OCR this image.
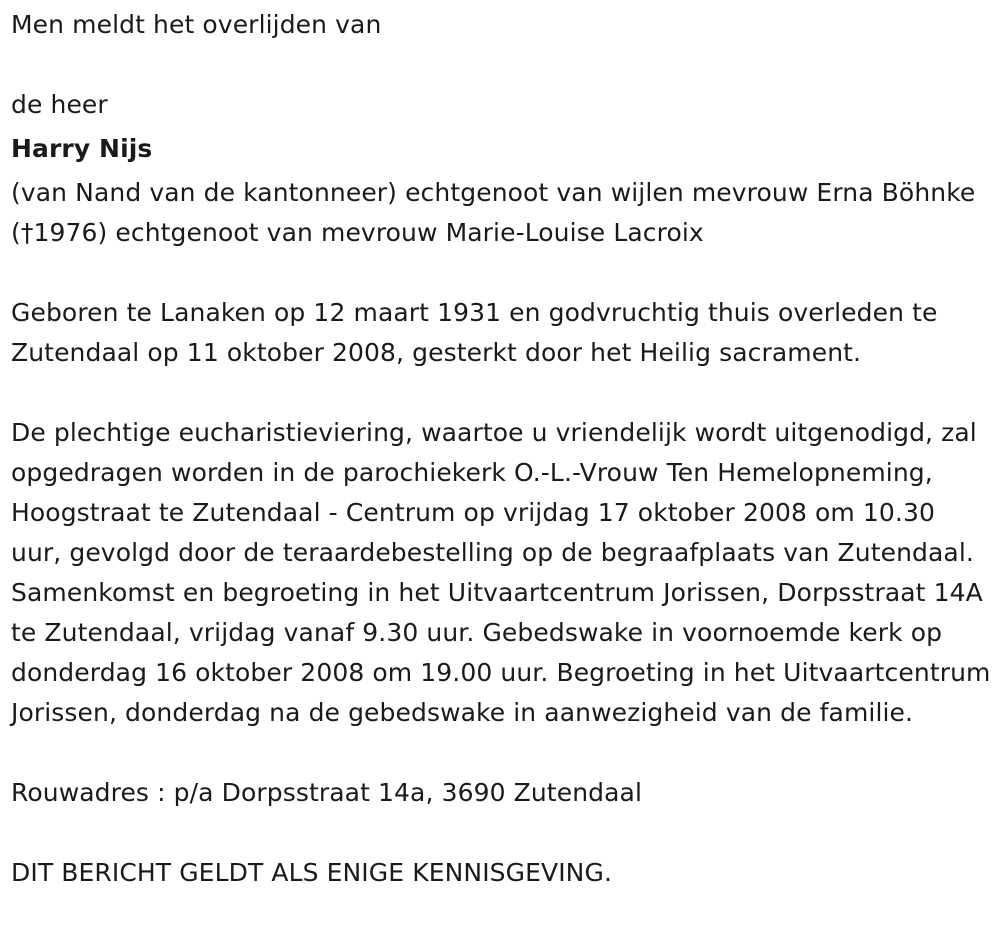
Men meldt het overlijden van

de heer

Harry Nijs

(van Nand van de kantonneer) echtgenoot van wijlen mevrouw Erna Böhnke (†1976) echtgenoot van mevrouw Marie-Louise Lacroix

Geboren te Lanaken op 12 maart 1931 en godvruchtig thuis overleden te Zutendaal op 11 oktober 2008, gesterkt door het Heilig sacrament.

De plechtige eucharistieviering, waartoe u vriendelijk wordt uitgenodigd, zal opgedragen worden in de parochiekerk O.-L.-Vrouw Ten Hemelopneming, Hoogstraat te Zutendaal - Centrum op vrijdag 17 oktober 2008 om 10.30 uur, gevolgd door de teraardebestelling op de begraafplaats van Zutendaal. Samenkomst en begroeting in het Uitvaartcentrum Jorissen, Dorpsstraat 14A te Zutendaal, vrijdag vanaf 9.30 uur. Gebedswake in voornoemde kerk op donderdag 16 oktober 2008 om 19.00 uur. Begroeting in het Uitvaartcentrum Jorissen, donderdag na de gebedswake in aanwezigheid van de familie.

Rouwadres : p/a Dorpsstraat 14a, 3690 Zutendaal

DIT BERICHT GELDT ALS ENIGE KENNISGEVING.
